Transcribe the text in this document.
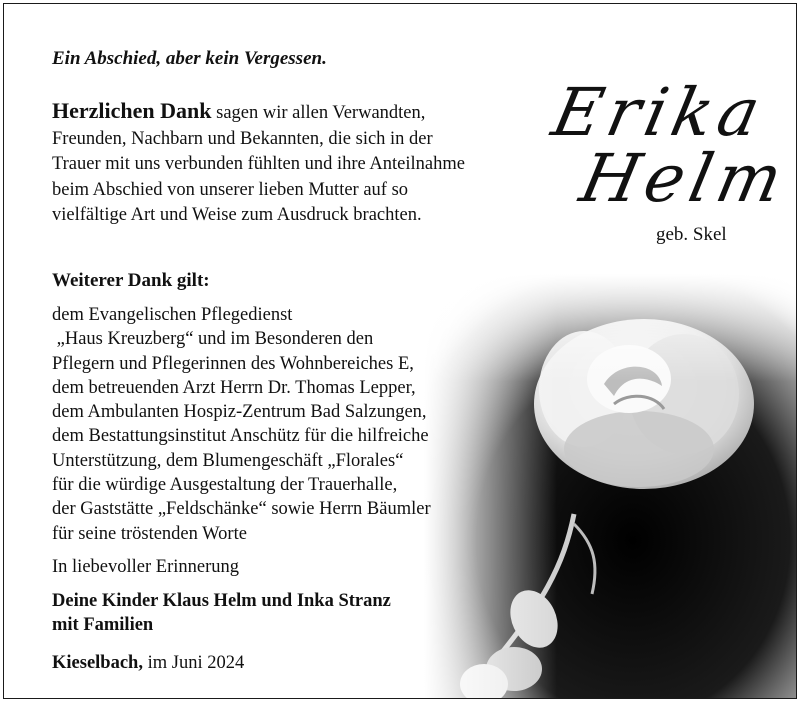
Ein Abschied, aber kein Vergessen.
Herzlichen Dank sagen wir allen Verwandten, Freunden, Nachbarn und Bekannten, die sich in der Trauer mit uns verbunden fühlten und ihre Anteilnahme beim Abschied von unserer lieben Mutter auf so vielfältige Art und Weise zum Ausdruck brachten.
Erika
Helm
geb. Skel
Weiterer Dank gilt:
dem Evangelischen Pflegedienst
„Haus Kreuzberg“ und im Besonderen den
Pflegern und Pflegerinnen des Wohnbereiches E,
dem betreuenden Arzt Herrn Dr. Thomas Lepper,
dem Ambulanten Hospiz-Zentrum Bad Salzungen,
dem Bestattungsinstitut Anschütz für die hilfreiche
Unterstützung, dem Blumengeschäft „Florales“
für die würdige Ausgestaltung der Trauerhalle,
der Gaststätte „Feldschänke“ sowie Herrn Bäumler
für seine tröstenden Worte
In liebevoller Erinnerung
Deine Kinder Klaus Helm und Inka Stranz
mit Familien
Kieselbach, im Juni 2024
